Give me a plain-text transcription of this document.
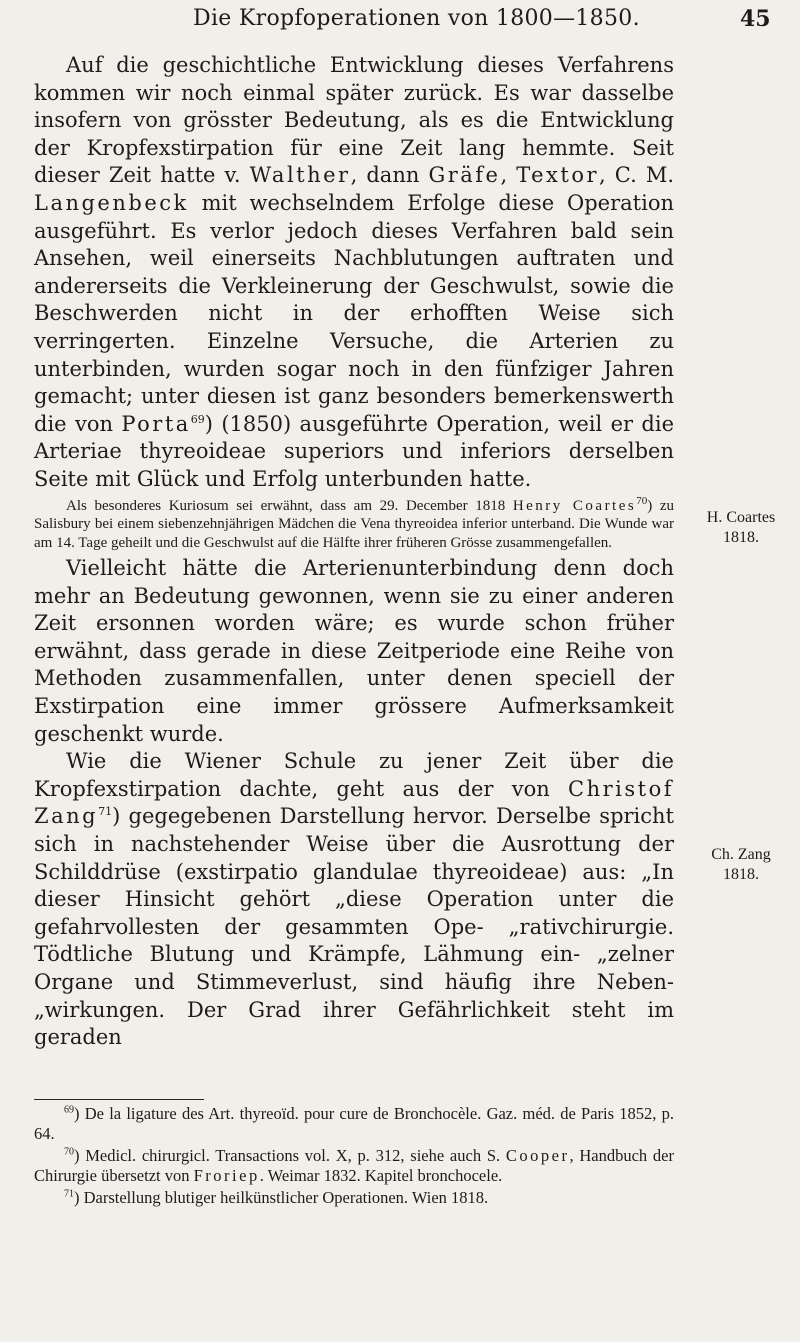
Die Kropfoperationen von 1800—1850.	45

Auf die geschichtliche Entwicklung dieses Verfahrens kommen wir noch einmal später zurück. Es war dasselbe insofern von grösster Bedeutung, als es die Entwicklung der Kropfexstirpation für eine Zeit lang hemmte. Seit dieser Zeit hatte v. Walther, dann Gräfe, Textor, C. M. Langenbeck mit wechselndem Erfolge diese Operation ausgeführt. Es verlor jedoch dieses Verfahren bald sein Ansehen, weil einerseits Nachblutungen auftraten und andererseits die Verkleinerung der Geschwulst, sowie die Beschwerden nicht in der erhofften Weise sich verringerten. Einzelne Versuche, die Arterien zu unterbinden, wurden sogar noch in den fünfziger Jahren gemacht; unter diesen ist ganz besonders bemerkenswerth die von Porta$^{69}$) (1850) ausgeführte Operation, weil er die Arteriae thyreoideae superiors und inferiors derselben Seite mit Glück und Erfolg unterbunden hatte.

Als besonderes Kuriosum sei erwähnt, dass am 29. December 1818 Henry Coartes$^{70}$) zu Salisbury bei einem siebenzehnjährigen Mädchen die Vena thyreoidea inferior unterband. Die Wunde war am 14. Tage geheilt und die Geschwulst auf die Hälfte ihrer früheren Grösse zusammengefallen.

Vielleicht hätte die Arterienunterbindung denn doch mehr an Bedeutung gewonnen, wenn sie zu einer anderen Zeit ersonnen worden wäre; es wurde schon früher erwähnt, dass gerade in diese Zeitperiode eine Reihe von Methoden zusammenfallen, unter denen speciell der Exstirpation eine immer grössere Aufmerksamkeit geschenkt wurde.

Wie die Wiener Schule zu jener Zeit über die Kropfexstirpation dachte, geht aus der von Christof Zang$^{71}$) gegegebenen Darstellung hervor. Derselbe spricht sich in nachstehender Weise über die Ausrottung der Schilddrüse (exstirpatio glandulae thyreoideae) aus: „In dieser Hinsicht gehört „diese Operation unter die gefahrvollesten der gesammten Ope- „rativchirurgie. Tödtliche Blutung und Krämpfe, Lähmung ein- „zelner Organe und Stimmeverlust, sind häufig ihre Neben- „wirkungen. Der Grad ihrer Gefährlichkeit steht im geraden

H. Coartes
1818.
Ch. Zang
1818.

$^{69}$) De la ligature des Art. thyreoïd. pour cure de Bronchocèle. Gaz. méd. de Paris 1852, p. 64.

$^{70}$) Medicl. chirurgicl. Transactions vol. X, p. 312, siehe auch S. Cooper, Handbuch der Chirurgie übersetzt von Froriep. Weimar 1832. Kapitel bronchocele.

$^{71}$) Darstellung blutiger heilkünstlicher Operationen. Wien 1818.
